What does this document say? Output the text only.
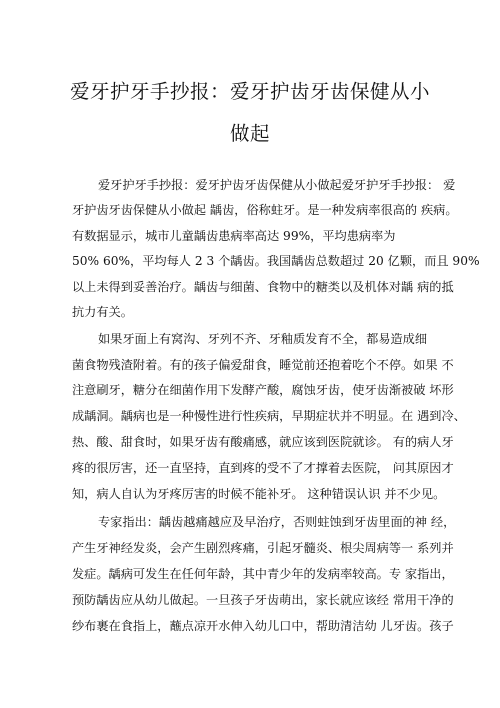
爱牙护牙手抄报：爱牙护齿牙齿保健从小
做起
爱牙护牙手抄报：爱牙护齿牙齿保健从小做起爱牙护牙手抄报： 爱
牙护齿牙齿保健从小做起 龋齿，俗称蛀牙。是一种发病率很高的 疾病。
有数据显示，城市儿童龋齿患病率高达 99%，平均患病率为
50% 60%，平均每人 2 3 个龋齿。我国龋齿总数超过 20 亿颗，而且 90%
以上未得到妥善治疗。龋齿与细菌、食物中的糖类以及机体对龋 病的抵
抗力有关。
如果牙面上有窝沟、牙列不齐、牙釉质发育不全，都易造成细
菌食物残渣附着。有的孩子偏爱甜食，睡觉前还抱着吃个不停。如果 不
注意刷牙，糖分在细菌作用下发酵产酸，腐蚀牙齿，使牙齿渐被破 坏形
成龋洞。龋病也是一种慢性进行性疾病，早期症状并不明显。在 遇到冷、
热、酸、甜食时，如果牙齿有酸痛感，就应该到医院就诊。 有的病人牙
疼的很厉害，还一直坚持，直到疼的受不了才撑着去医院， 问其原因才
知，病人自认为牙疼厉害的时候不能补牙。 这种错误认识 并不少见。
专家指出：龋齿越痛越应及早治疗，否则蛀蚀到牙齿里面的神 经，
产生牙神经发炎，会产生剧烈疼痛，引起牙髓炎、根尖周病等一 系列并
发症。龋病可发生在任何年龄，其中青少年的发病率较高。专 家指出，
预防龋齿应从幼儿做起。一旦孩子牙齿萌出，家长就应该经 常用干净的
纱布裹在食指上，蘸点凉开水伸入幼儿口中，帮助清洁幼 儿牙齿。孩子
